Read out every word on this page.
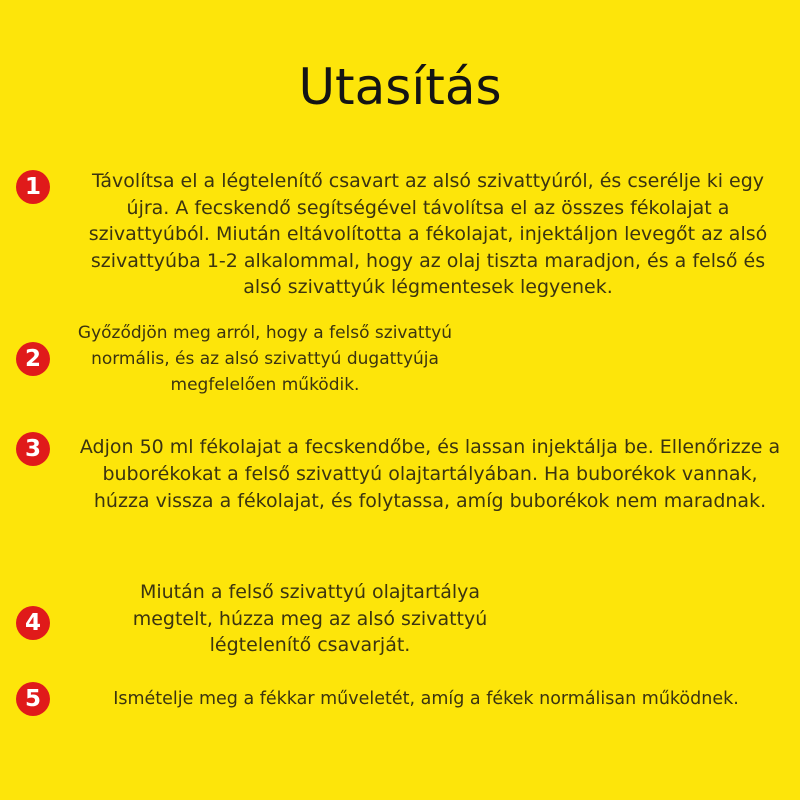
Utasítás
1	Távolítsa el a légtelenítő csavart az alsó szivattyúról, és cserélje ki egy újra. A fecskendő segítségével távolítsa el az összes fékolajat a szivattyúból. Miután eltávolította a fékolajat, injektáljon levegőt az alsó szivattyúba 1-2 alkalommal, hogy az olaj tiszta maradjon, és a felső és alsó szivattyúk légmentesek legyenek.

2

Győződjön meg arról, hogy a felső szivattyú normális, és az alsó szivattyú dugattyúja megfelelően működik.

3	Adjon 50 ml fékolajat a fecskendőbe, és lassan injektálja be. Ellenőrizze a buborékokat a felső szivattyú olajtartályában. Ha buborékok vannak, húzza vissza a fékolajat, és folytassa, amíg buborékok nem maradnak.

4

Miután a felső szivattyú olajtartálya megtelt, húzza meg az alsó szivattyú légtelenítő csavarját.

5	Ismételje meg a fékkar műveletét, amíg a fékek normálisan működnek.
